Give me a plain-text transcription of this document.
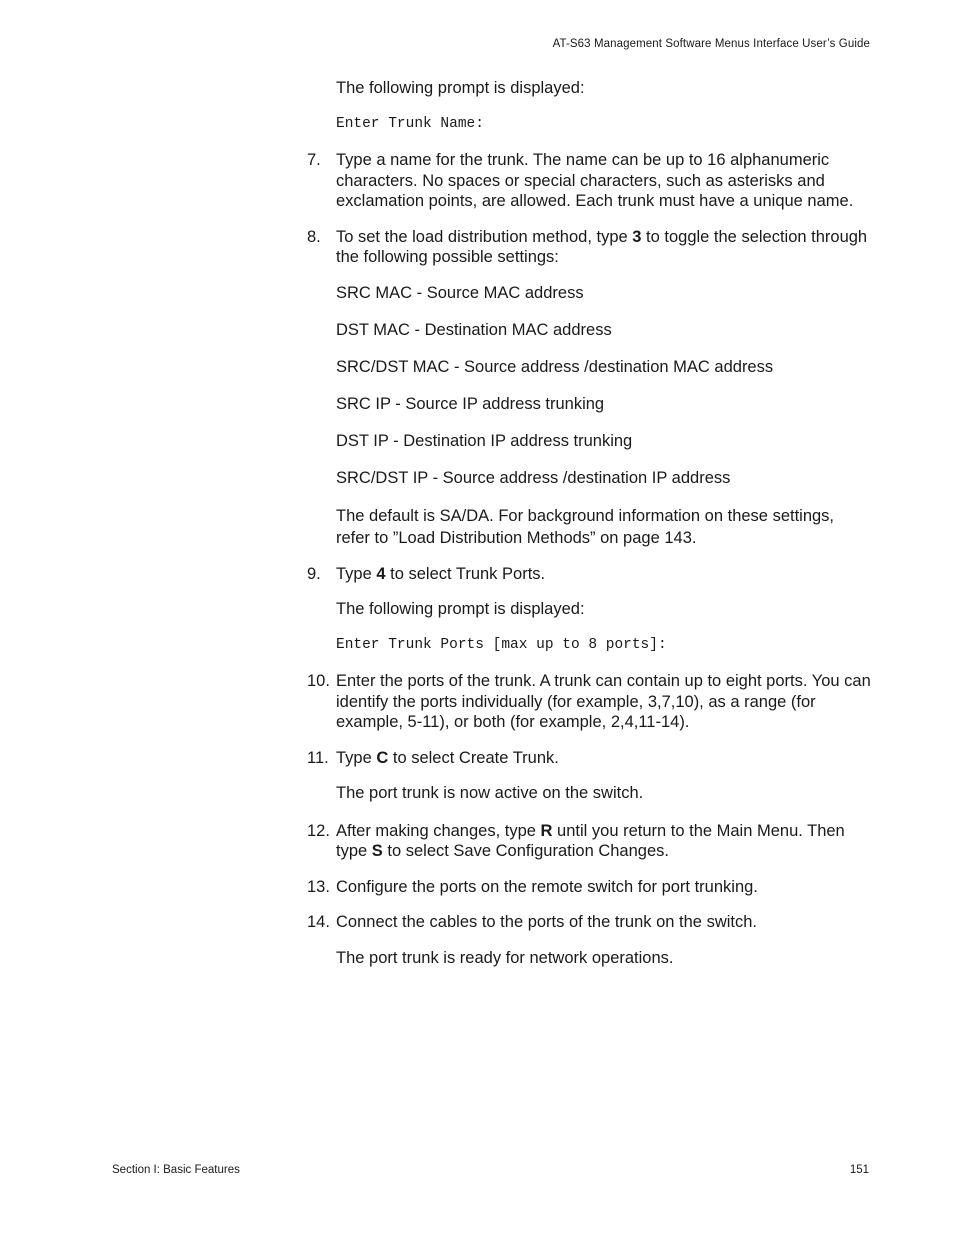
AT-S63 Management Software Menus Interface User’s Guide
The following prompt is displayed:
Enter Trunk Name:
7. Type a name for the trunk. The name can be up to 16 alphanumeric characters. No spaces or special characters, such as asterisks and exclamation points, are allowed. Each trunk must have a unique name.
8. To set the load distribution method, type 3 to toggle the selection through the following possible settings:
SRC MAC - Source MAC address
DST MAC - Destination MAC address
SRC/DST MAC - Source address /destination MAC address
SRC IP - Source IP address trunking
DST IP - Destination IP address trunking
SRC/DST IP - Source address /destination IP address
The default is SA/DA. For background information on these settings, refer to ”Load Distribution Methods” on page 143.
9. Type 4 to select Trunk Ports.
The following prompt is displayed:
Enter Trunk Ports [max up to 8 ports]:
10. Enter the ports of the trunk. A trunk can contain up to eight ports. You can identify the ports individually (for example, 3,7,10), as a range (for example, 5-11), or both (for example, 2,4,11-14).
11. Type C to select Create Trunk.
The port trunk is now active on the switch.
12. After making changes, type R until you return to the Main Menu. Then type S to select Save Configuration Changes.
13. Configure the ports on the remote switch for port trunking.
14. Connect the cables to the ports of the trunk on the switch.
The port trunk is ready for network operations.
Section I: Basic Features	151
